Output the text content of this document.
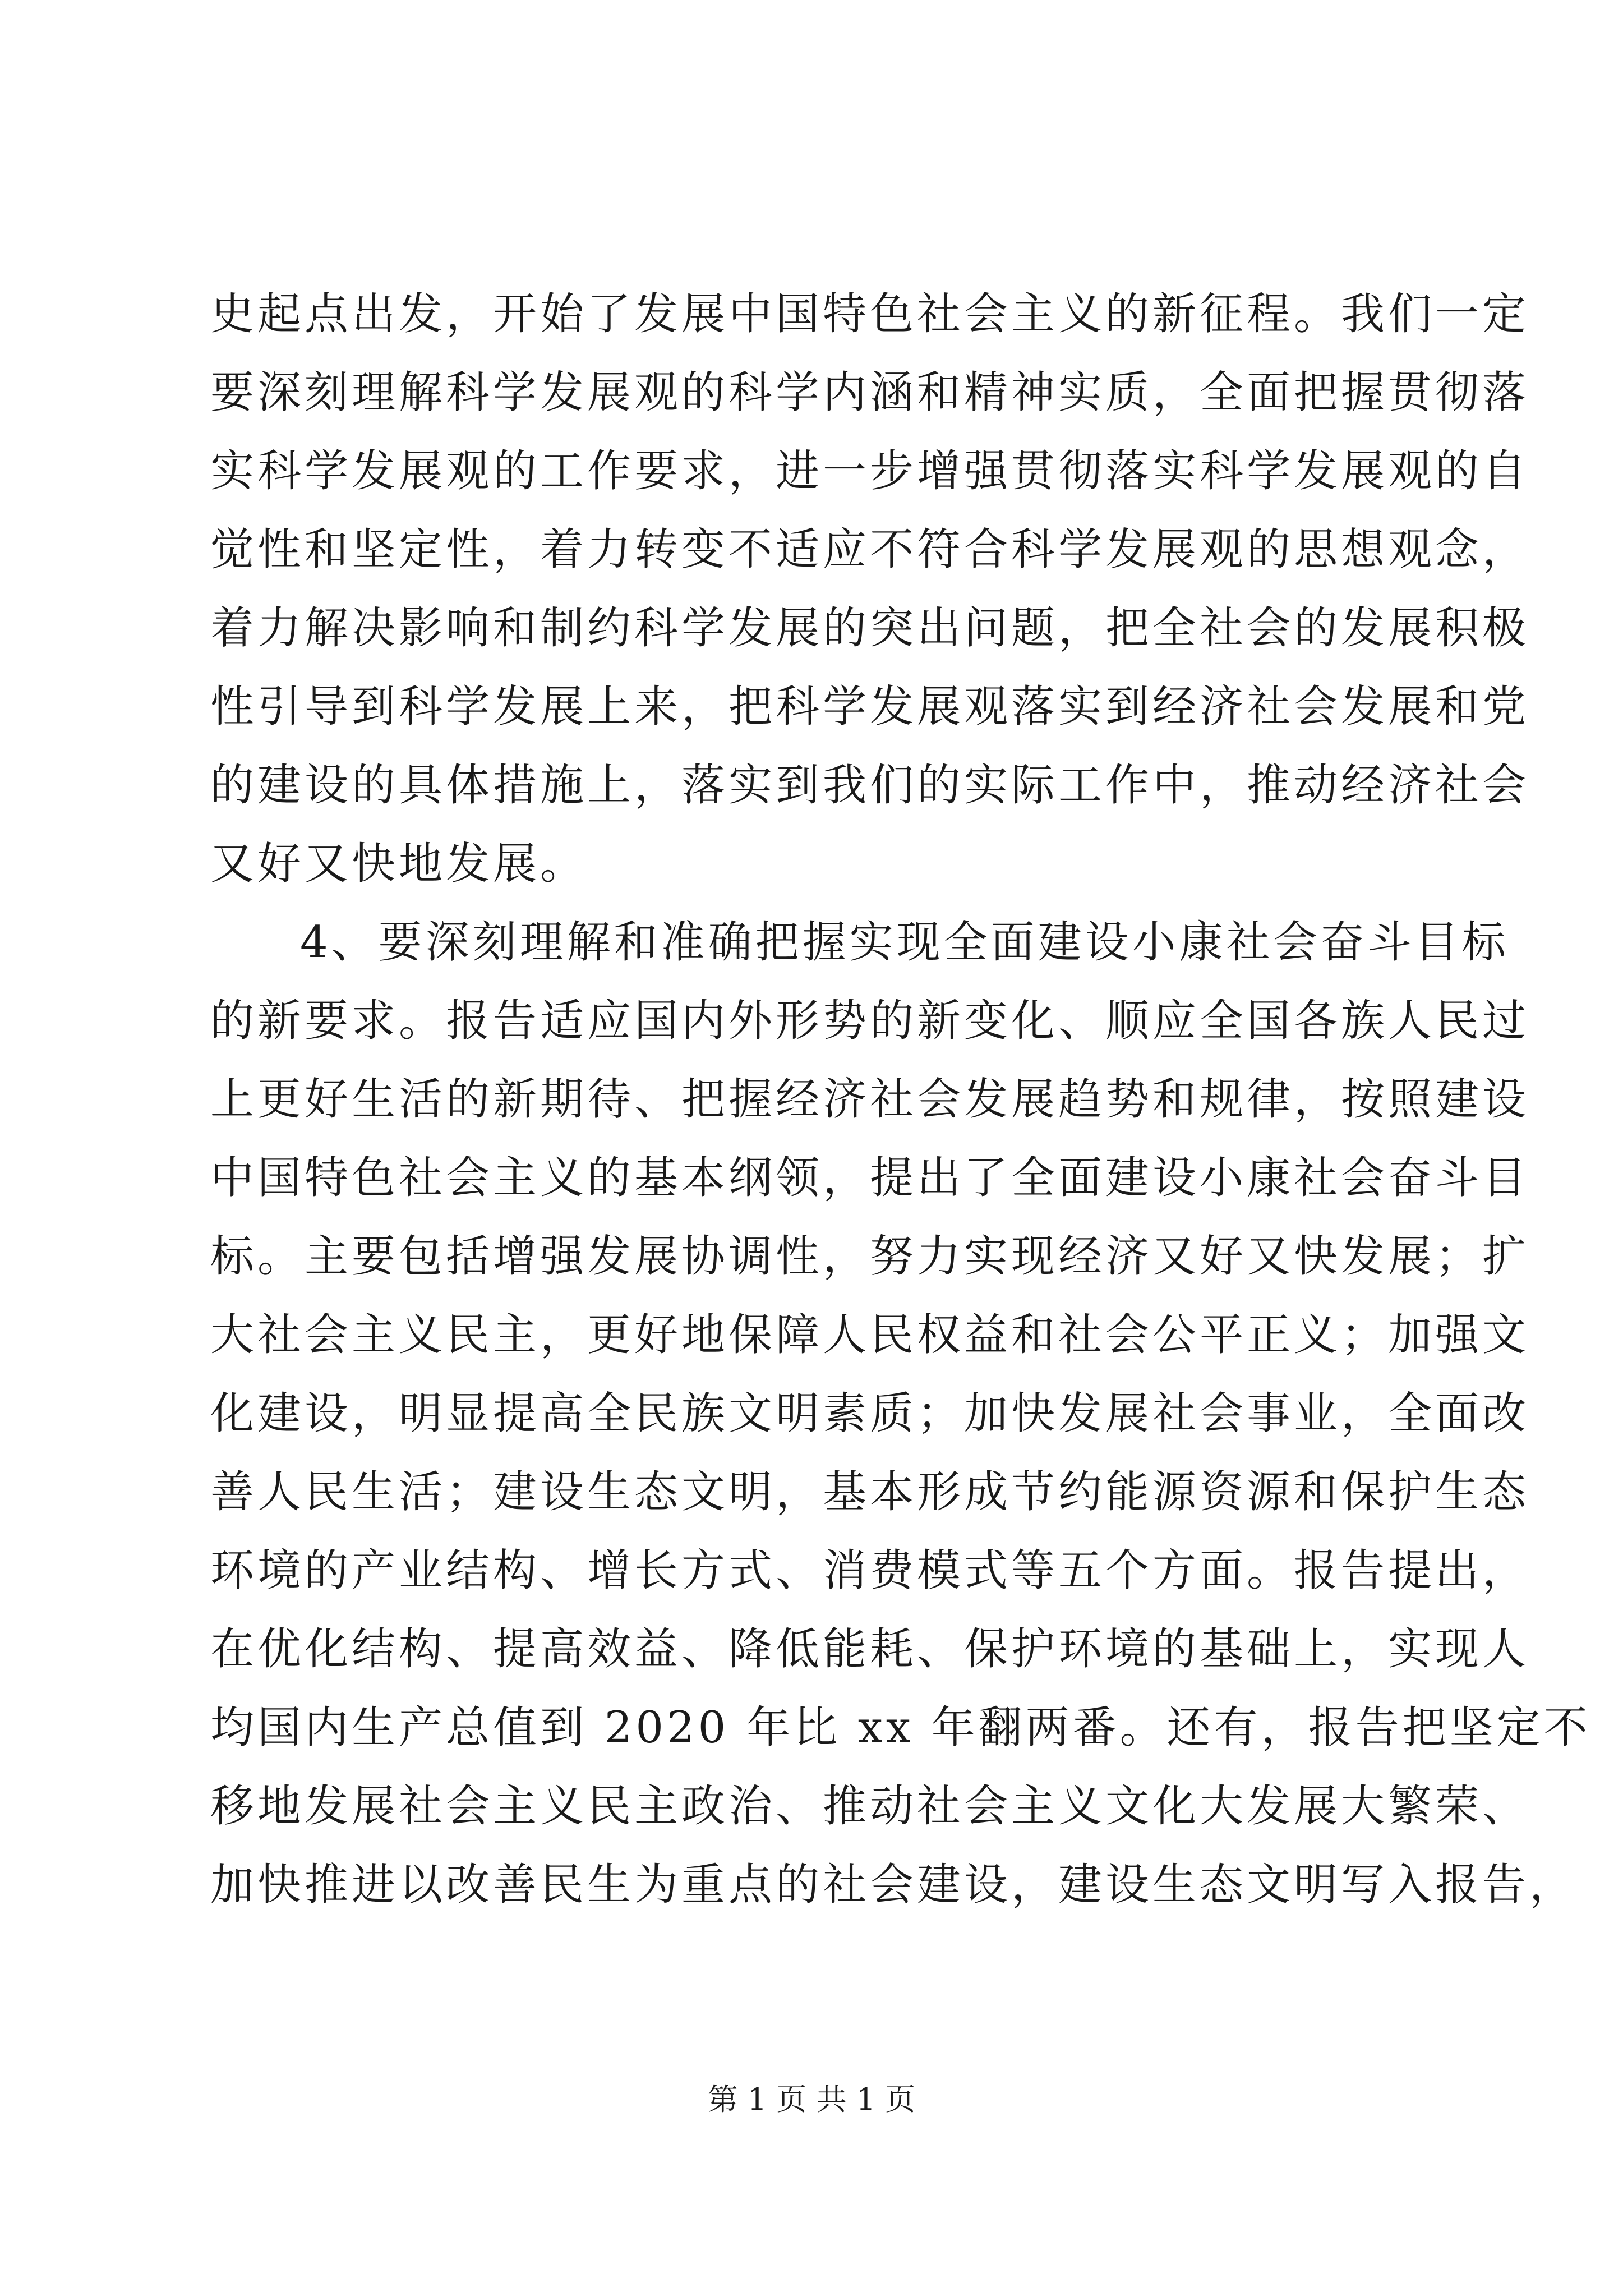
史起点出发，开始了发展中国特色社会主义的新征程。我们一定
要深刻理解科学发展观的科学内涵和精神实质，全面把握贯彻落
实科学发展观的工作要求，进一步增强贯彻落实科学发展观的自
觉性和坚定性，着力转变不适应不符合科学发展观的思想观念，
着力解决影响和制约科学发展的突出问题，把全社会的发展积极
性引导到科学发展上来，把科学发展观落实到经济社会发展和党
的建设的具体措施上，落实到我们的实际工作中，推动经济社会
又好又快地发展。
4、要深刻理解和准确把握实现全面建设小康社会奋斗目标
的新要求。报告适应国内外形势的新变化、顺应全国各族人民过
上更好生活的新期待、把握经济社会发展趋势和规律，按照建设
中国特色社会主义的基本纲领，提出了全面建设小康社会奋斗目
标。主要包括增强发展协调性，努力实现经济又好又快发展；扩
大社会主义民主，更好地保障人民权益和社会公平正义；加强文
化建设，明显提高全民族文明素质；加快发展社会事业，全面改
善人民生活；建设生态文明，基本形成节约能源资源和保护生态
环境的产业结构、增长方式、消费模式等五个方面。报告提出，
在优化结构、提高效益、降低能耗、保护环境的基础上，实现人
均国内生产总值到 2020 年比 xx 年翻两番。还有，报告把坚定不
移地发展社会主义民主政治、推动社会主义文化大发展大繁荣、
加快推进以改善民生为重点的社会建设，建设生态文明写入报告，
第 1 页 共 1 页
